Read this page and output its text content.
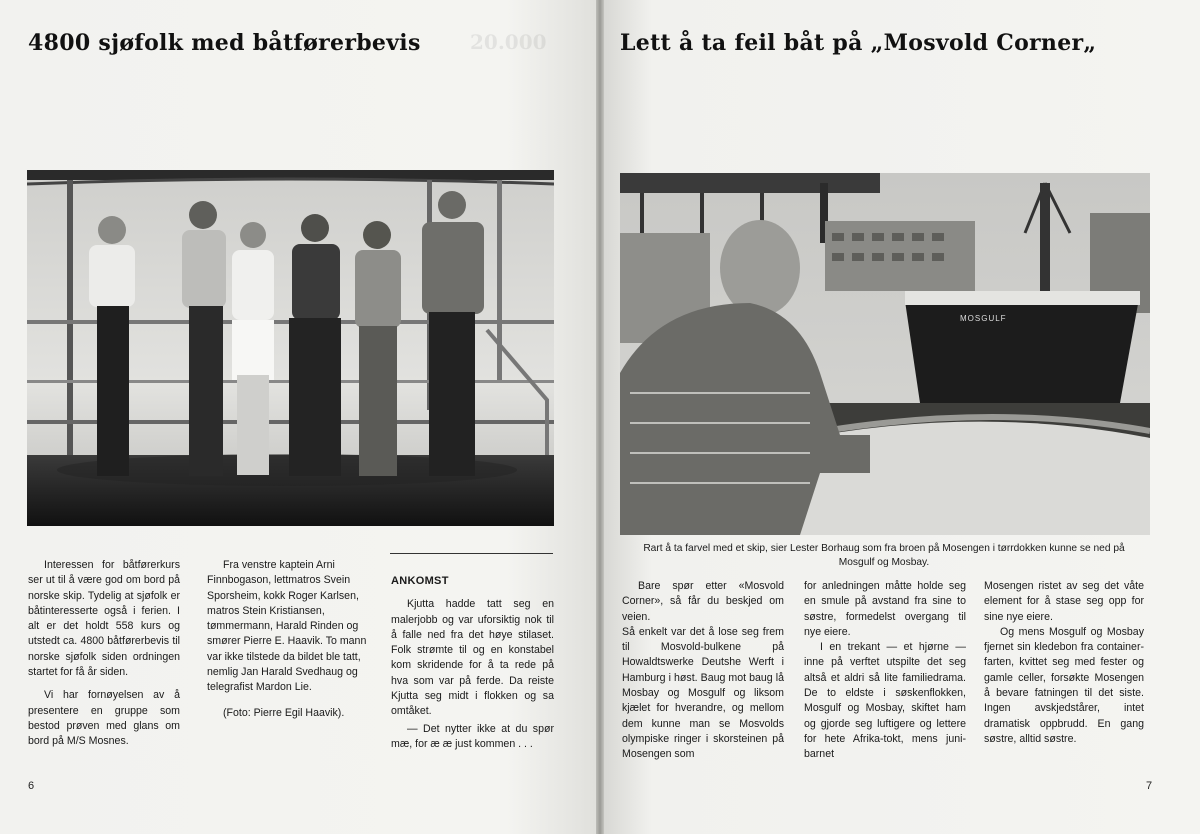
20.000
4800 sjøfolk med båtførerbevis

Interessen for båtførerkurs ser ut til å være god om bord på norske skip. Tydelig at sjøfolk er båtinteresserte også i ferien. I alt er det holdt 558 kurs og utstedt ca. 4800 båtførerbevis til norske sjøfolk siden ordningen startet for få år siden.

Vi har fornøyelsen av å presentere en gruppe som bestod prøven med glans om bord på M/S Mosnes.

Fra venstre kaptein Arni Finnbogason, lettmatros Svein Sporsheim, kokk Roger Karlsen, matros Stein Kristiansen, tømmermann, Harald Rinden og smører Pierre E. Haavik. To mann var ikke tilstede da bildet ble tatt, nemlig Jan Harald Svedhaug og telegrafist Mardon Lie.

(Foto: Pierre Egil Haavik).

ANKOMST

Kjutta hadde tatt seg en malerjobb og var uforsiktig nok til å falle ned fra det høye stilaset. Folk strømte til og en konstabel kom skridende for å ta rede på hva som var på ferde. Da reiste Kjutta seg midt i flokken og sa omtåket.

— Det nytter ikke at du spør mæ, for æ æ just kommen . . .

6
Lett å ta feil båt på „Mosvold Corner„
MOSGULF
Rart å ta farvel med et skip, sier Lester Borhaug som fra broen på Mosengen i tørrdokken kunne se ned på Mosgulf og Mosbay.

Bare spør etter «Mosvold Corner», så får du beskjed om veien.

Så enkelt var det å lose seg frem til Mosvold-bulkene på Howaldtswerke Deutshe Werft i Hamburg i høst. Baug mot baug lå Mosbay og Mosgulf og liksom kjælet for hverandre, og mellom dem kunne man se Mosvolds olympiske ringer i skorsteinen på Mosengen som

for anledningen måtte holde seg en smule på avstand fra sine to søstre, formedelst overgang til nye eiere.

I en trekant — et hjørne — inne på verftet utspilte det seg altså et aldri så lite familiedrama. De to eldste i søskenflokken, Mosgulf og Mosbay, skiftet ham og gjorde seg luftigere og lettere for hete Afrika-tokt, mens juni-barnet

Mosengen ristet av seg det våte element for å stase seg opp for sine nye eiere.

Og mens Mosgulf og Mosbay fjernet sin kledebon fra container-farten, kvittet seg med fester og gamle celler, forsøkte Mosengen å bevare fatningen til det siste. Ingen avskjedstårer, intet dramatisk oppbrudd. En gang søstre, alltid søstre.

7
